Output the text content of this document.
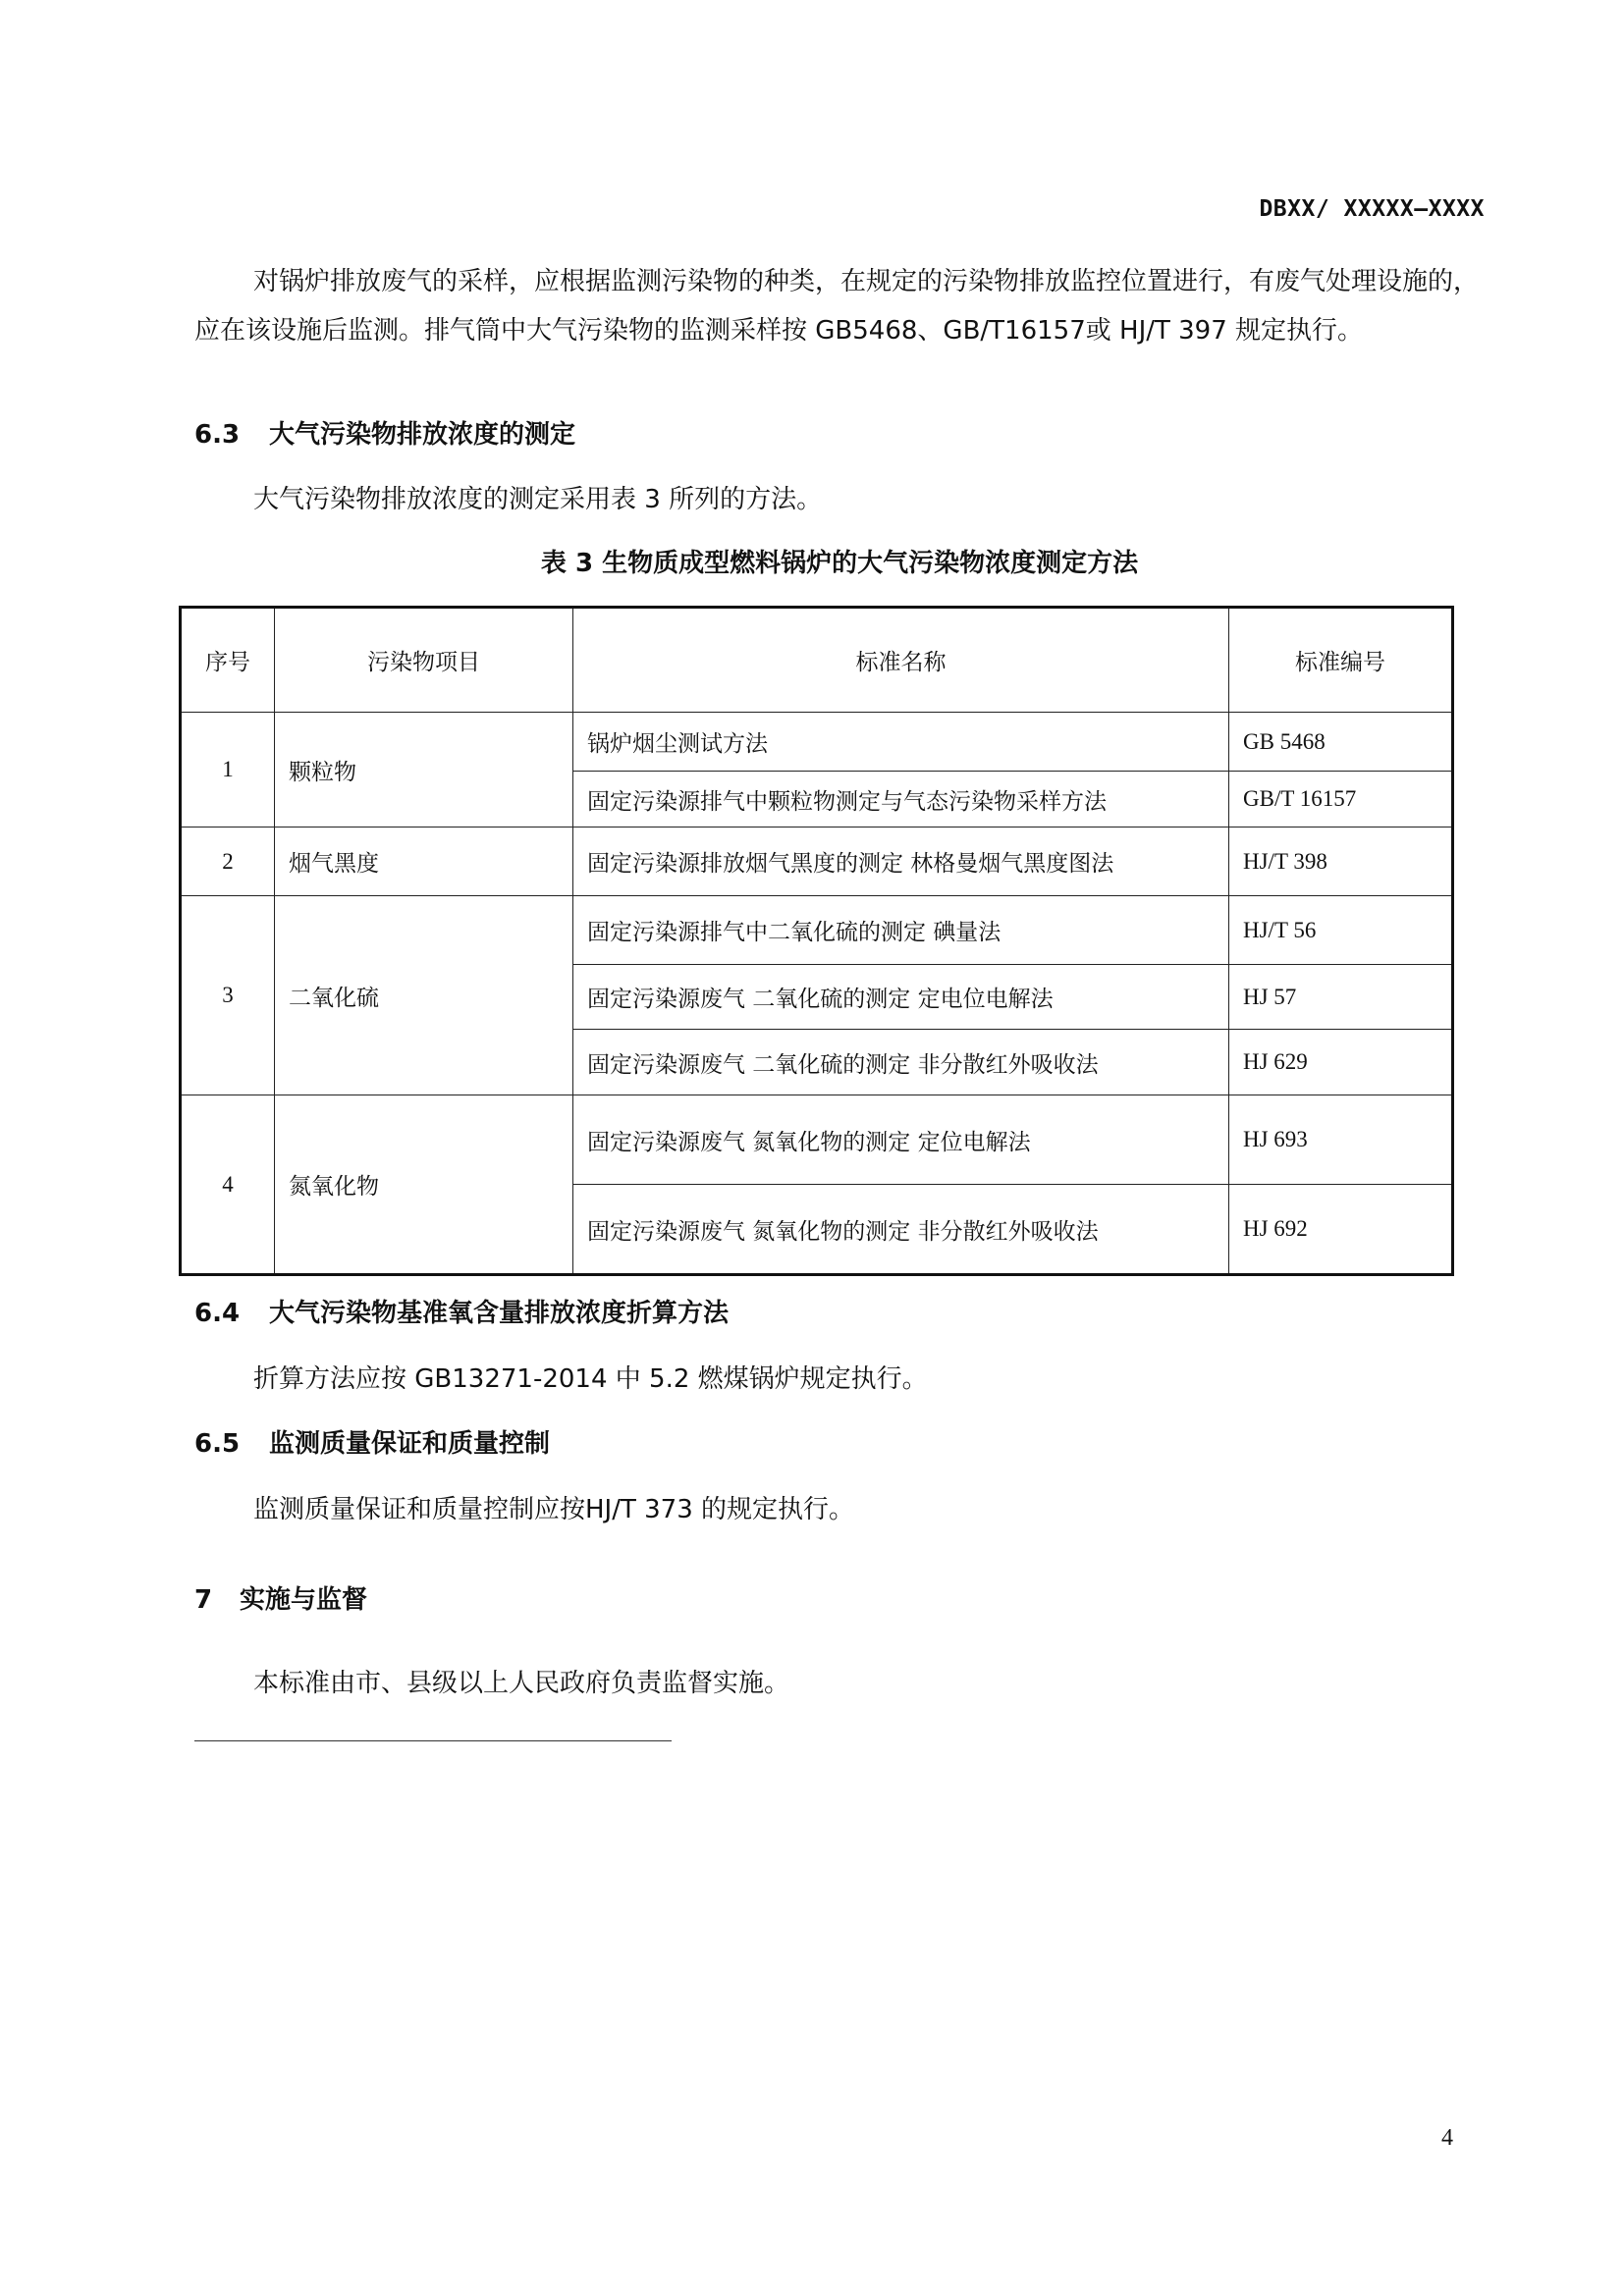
DBXX/ XXXXX—XXXX
对锅炉排放废气的采样，应根据监测污染物的种类，在规定的污染物排放监控位置进行，有废气处理设施的，应在该设施后监测。排气筒中大气污染物的监测采样按 GB5468、GB/T16157或 HJ/T 397 规定执行。
6.3 大气污染物排放浓度的测定
大气污染物排放浓度的测定采用表 3 所列的方法。
表 3 生物质成型燃料锅炉的大气污染物浓度测定方法
序号	污染物项目	标准名称	标准编号
1	颗粒物	锅炉烟尘测试方法	GB 5468
		固定污染源排气中颗粒物测定与气态污染物采样方法	GB/T 16157
2	烟气黑度	固定污染源排放烟气黑度的测定 林格曼烟气黑度图法	HJ/T 398
3	二氧化硫	固定污染源排气中二氧化硫的测定 碘量法	HJ/T 56
		固定污染源废气 二氧化硫的测定 定电位电解法	HJ 57
		固定污染源废气 二氧化硫的测定 非分散红外吸收法	HJ 629
4	氮氧化物	固定污染源废气 氮氧化物的测定 定位电解法	HJ 693
		固定污染源废气 氮氧化物的测定 非分散红外吸收法	HJ 692
6.4 大气污染物基准氧含量排放浓度折算方法
折算方法应按 GB13271-2014 中 5.2 燃煤锅炉规定执行。
6.5 监测质量保证和质量控制
监测质量保证和质量控制应按HJ/T 373 的规定执行。
7 实施与监督
本标准由市、县级以上人民政府负责监督实施。
4
